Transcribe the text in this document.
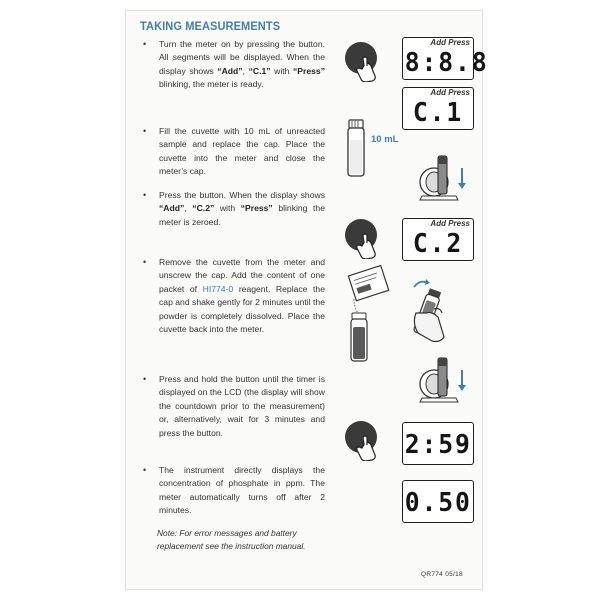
TAKING MEASUREMENTS
• Turn the meter on by pressing the button. All segments will be displayed. When the display shows “Add”, “C.1” with “Press” blinking, the meter is ready.
• Fill the cuvette with 10 mL of unreacted sample and replace the cap. Place the cuvette into the meter and close the meter’s cap.
• Press the button. When the display shows “Add”, “C.2” with “Press” blinking the meter is zeroed.
• Remove the cuvette from the meter and unscrew the cap. Add the content of one packet of HI774-0 reagent. Replace the cap and shake gently for 2 minutes until the powder is completely dissolved. Place the cuvette back into the meter.
• Press and hold the button until the timer is displayed on the LCD (the display will show the countdown prior to the measurement) or, alternatively, wait for 3 minutes and press the button.
• The instrument directly displays the concentration of phosphate in ppm. The meter automatically turns off after 2 minutes.
Note: For error messages and battery replacement see the instruction manual.
QR774 05/18
Add Press
8:8.8
Add Press
C.1
Add Press
C.2
2:59
0.50
10 mL
